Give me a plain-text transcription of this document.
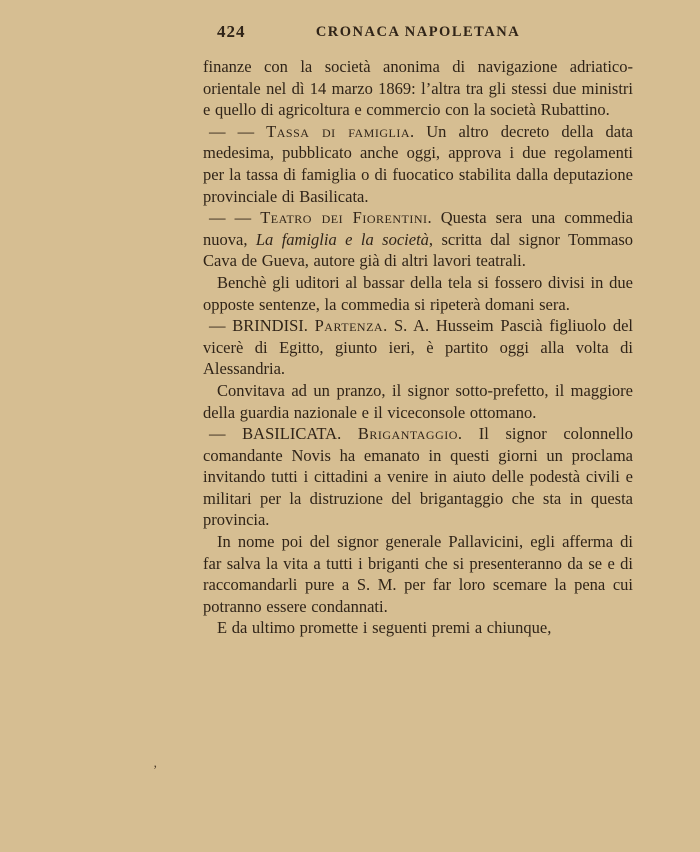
424	CRONACA NAPOLETANA

finanze con la società anonima di navigazione adriatico-orientale nel dì 14 marzo 1869: l’altra tra gli stessi due ministri e quello di agricoltura e commercio con la società Rubattino.

— — Tassa di famiglia. Un altro decreto della data medesima, pubblicato anche oggi, approva i due regolamenti per la tassa di famiglia o di fuocatico stabilita dalla deputazione provinciale di Basilicata.

— — Teatro dei Fiorentini. Questa sera una commedia nuova, La famiglia e la società, scritta dal signor Tommaso Cava de Gueva, autore già di altri lavori teatrali.

Benchè gli uditori al bassar della tela si fossero divisi in due opposte sentenze, la commedia si ripeterà domani sera.

— BRINDISI. Partenza. S. A. Husseim Pascià figliuolo del vicerè di Egitto, giunto ieri, è partito oggi alla volta di Alessandria.

Convitava ad un pranzo, il signor sotto-prefetto, il maggiore della guardia nazionale e il viceconsole ottomano.

— BASILICATA. Brigantaggio. Il signor colonnello comandante Novis ha emanato in questi giorni un proclama invitando tutti i cittadini a venire in aiuto delle podestà civili e militari per la distruzione del brigantaggio che sta in questa provincia.

In nome poi del signor generale Pallavicini, egli afferma di far salva la vita a tutti i briganti che si presenteranno da se e di raccomandarli pure a S. M. per far loro scemare la pena cui potranno essere condannati.

E da ultimo promette i seguenti premi a chiunque,

’
